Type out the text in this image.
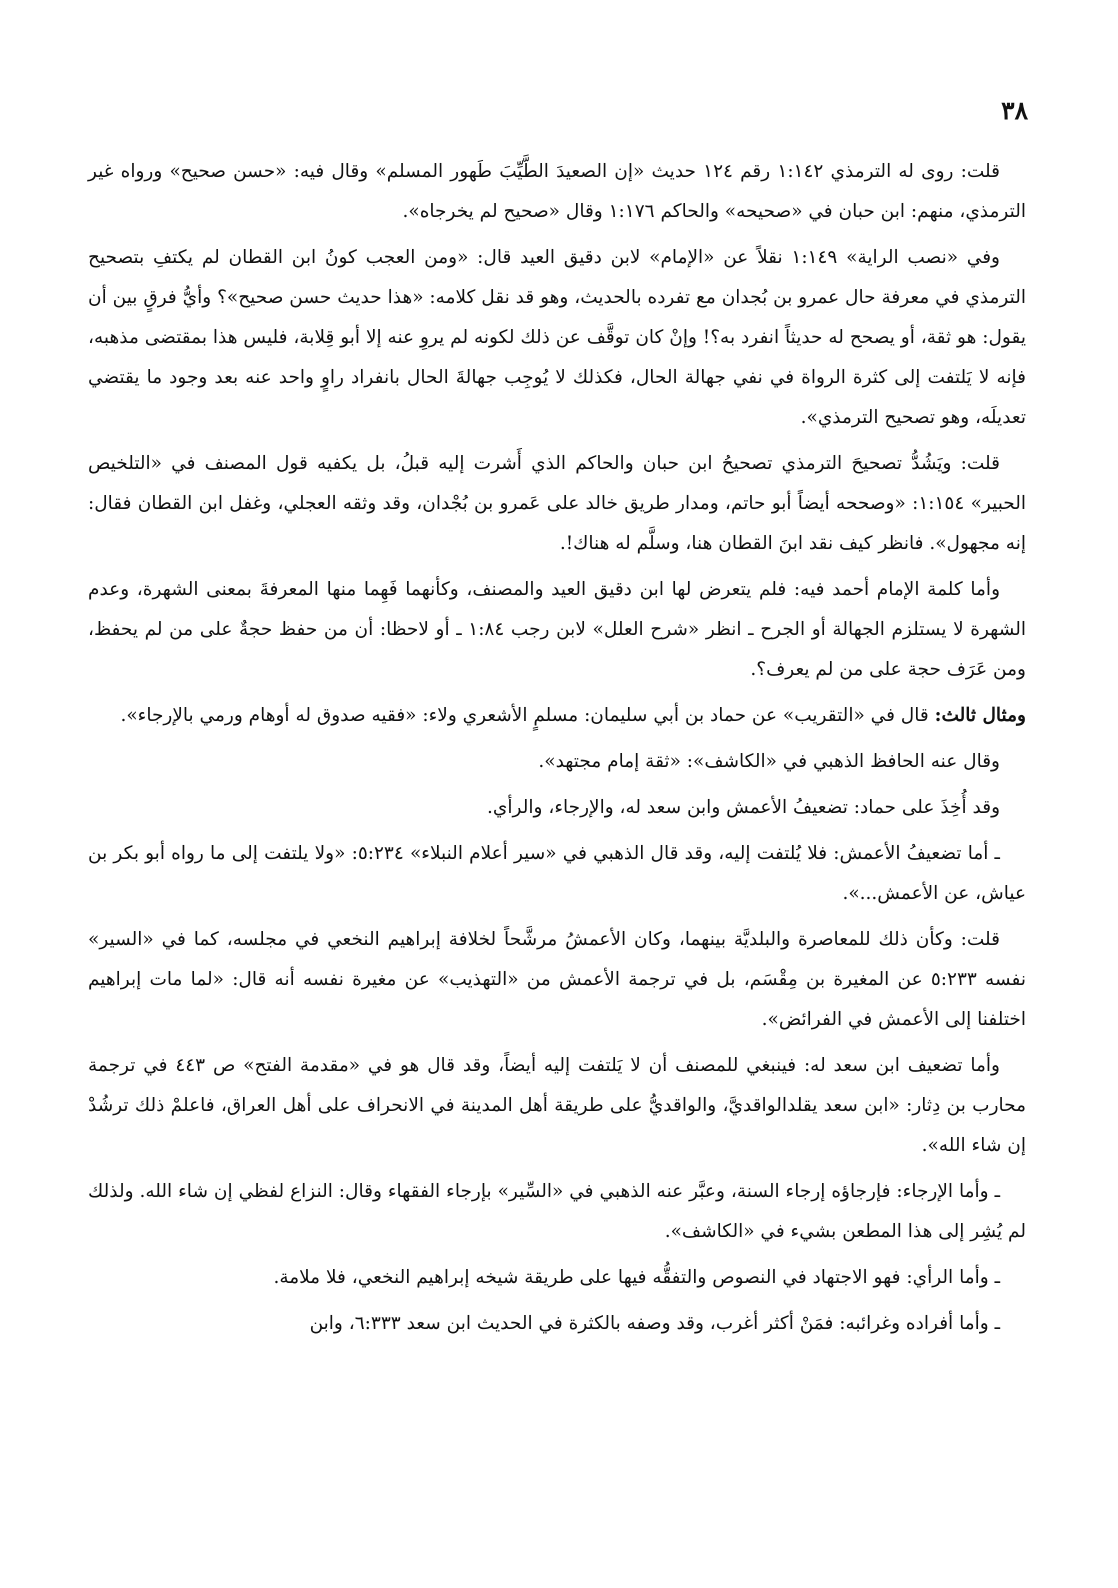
٣٨

قلت: روى له الترمذي ١:١٤٢ رقم ١٢٤ حديث «إن الصعيدَ الطَّيِّبَ طَهور المسلم» وقال فيه: «حسن صحيح» ورواه غير الترمذي، منهم: ابن حبان في «صحيحه» والحاكم ١:١٧٦ وقال «صحيح لم يخرجاه».

وفي «نصب الراية» ١:١٤٩ نقلاً عن «الإمام» لابن دقيق العيد قال: «ومن العجب كونُ ابن القطان لم يكتفِ بتصحيح الترمذي في معرفة حال عمرو بن بُجدان مع تفرده بالحديث، وهو قد نقل كلامه: «هذا حديث حسن صحيح»؟ وأيُّ فرقٍ بين أن يقول: هو ثقة، أو يصحح له حديثاً انفرد به؟! وإنْ كان توقَّف عن ذلك لكونه لم يروِ عنه إلا أبو قِلابة، فليس هذا بمقتضى مذهبه، فإنه لا يَلتفت إلى كثرة الرواة في نفي جهالة الحال، فكذلك لا يُوجِب جهالةَ الحال بانفراد راوٍ واحد عنه بعد وجود ما يقتضي تعديلَه، وهو تصحيح الترمذي».

قلت: ويَشُدُّ تصحيحَ الترمذي تصحيحُ ابن حبان والحاكم الذي أَشرت إليه قبلُ، بل يكفيه قول المصنف في «التلخيص الحبير» ١:١٥٤: «وصححه أيضاً أبو حاتم، ومدار طريق خالد على عَمرو بن بُجْدان، وقد وثقه العجلي، وغفل ابن القطان فقال: إنه مجهول». فانظر كيف نقد ابنَ القطان هنا، وسلَّم له هناك!.

وأما كلمة الإمام أحمد فيه: فلم يتعرض لها ابن دقيق العيد والمصنف، وكأنهما فَهِما منها المعرفةَ بمعنى الشهرة، وعدم الشهرة لا يستلزم الجهالة أو الجرح ـ انظر «شرح العلل» لابن رجب ١:٨٤ ـ أو لاحظا: أن من حفظ حجةٌ على من لم يحفظ، ومن عَرَف حجة على من لم يعرف؟.

ومثال ثالث: قال في «التقريب» عن حماد بن أبي سليمان: مسلمٍ الأشعري ولاء: «فقيه صدوق له أوهام ورمي بالإرجاء».

وقال عنه الحافظ الذهبي في «الكاشف»: «ثقة إمام مجتهد».

وقد أُخِذَ على حماد: تضعيفُ الأعمش وابن سعد له، والإرجاء، والرأي.

ـ أما تضعيفُ الأعمش: فلا يُلتفت إليه، وقد قال الذهبي في «سير أعلام النبلاء» ٥:٢٣٤: «ولا يلتفت إلى ما رواه أبو بكر بن عياش، عن الأعمش...».

قلت: وكأن ذلك للمعاصرة والبلديَّة بينهما، وكان الأعمشُ مرشَّحاً لخلافة إبراهيم النخعي في مجلسه، كما في «السير» نفسه ٥:٢٣٣ عن المغيرة بن مِقْسَم، بل في ترجمة الأعمش من «التهذيب» عن مغيرة نفسه أنه قال: «لما مات إبراهيم اختلفنا إلى الأعمش في الفرائض».

وأما تضعيف ابن سعد له: فينبغي للمصنف أن لا يَلتفت إليه أيضاً، وقد قال هو في «مقدمة الفتح» ص ٤٤٣ في ترجمة محارب بن دِثار: «ابن سعد يقلدالواقديَّ، والواقديُّ على طريقة أهل المدينة في الانحراف على أهل العراق، فاعلمْ ذلك ترشُدْ إن شاء الله».

ـ وأما الإرجاء: فإرجاؤه إرجاء السنة، وعبَّر عنه الذهبي في «السِّير» بإرجاء الفقهاء وقال: النزاع لفظي إن شاء الله. ولذلك لم يُشِر إلى هذا المطعن بشيء في «الكاشف».

ـ وأما الرأي: فهو الاجتهاد في النصوص والتفقُّه فيها على طريقة شيخه إبراهيم النخعي، فلا ملامة.

ـ وأما أفراده وغرائبه: فمَنْ أكثر أغرب، وقد وصفه بالكثرة في الحديث ابن سعد ٦:٣٣٣، وابن
